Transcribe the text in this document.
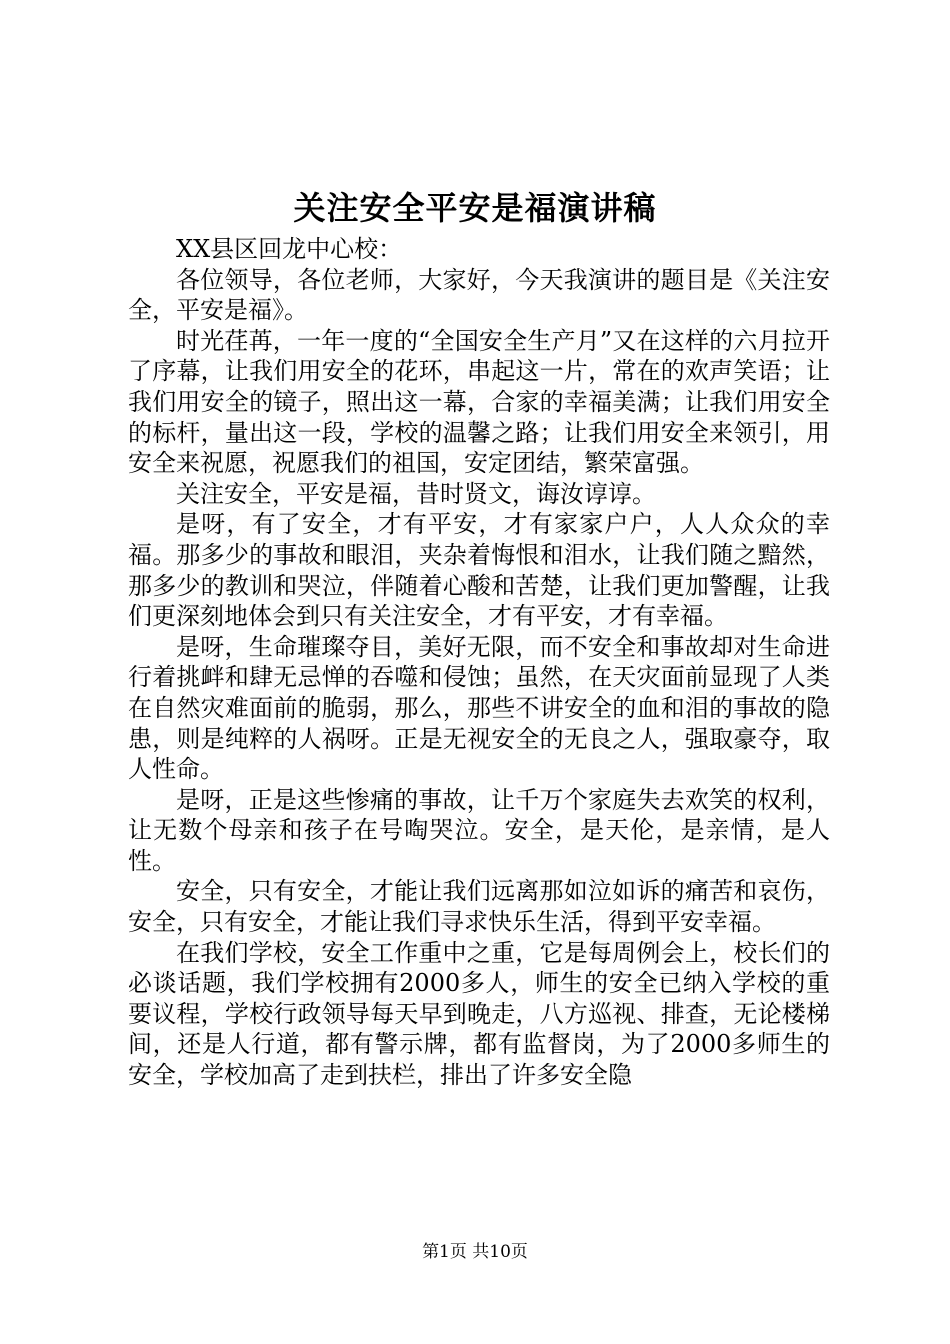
关注安全平安是福演讲稿

XX县区回龙中心校：

各位领导，各位老师，大家好，今天我演讲的题目是《关注安全，平安是福》。

时光荏苒，一年一度的“全国安全生产月”又在这样的六月拉开了序幕，让我们用安全的花环，串起这一片，常在的欢声笑语；让我们用安全的镜子，照出这一幕，合家的幸福美满；让我们用安全的标杆，量出这一段，学校的温馨之路；让我们用安全来领引，用安全来祝愿，祝愿我们的祖国，安定团结，繁荣富强。

关注安全，平安是福，昔时贤文，诲汝谆谆。

是呀，有了安全，才有平安，才有家家户户，人人众众的幸福。那多少的事故和眼泪，夹杂着悔恨和泪水，让我们随之黯然，那多少的教训和哭泣，伴随着心酸和苦楚，让我们更加警醒，让我们更深刻地体会到只有关注安全，才有平安，才有幸福。

是呀，生命璀璨夺目，美好无限，而不安全和事故却对生命进行着挑衅和肆无忌惮的吞噬和侵蚀；虽然，在天灾面前显现了人类在自然灾难面前的脆弱，那么，那些不讲安全的血和泪的事故的隐患，则是纯粹的人祸呀。正是无视安全的无良之人，强取豪夺，取人性命。

是呀，正是这些惨痛的事故，让千万个家庭失去欢笑的权利，让无数个母亲和孩子在号啕哭泣。安全，是天伦，是亲情，是人性。

安全，只有安全，才能让我们远离那如泣如诉的痛苦和哀伤，安全，只有安全，才能让我们寻求快乐生活，得到平安幸福。

在我们学校，安全工作重中之重，它是每周例会上，校长们的必谈话题，我们学校拥有2000多人，师生的安全已纳入学校的重要议程，学校行政领导每天早到晚走，八方巡视、排查，无论楼梯间，还是人行道，都有警示牌，都有监督岗，为了2000多师生的安全，学校加高了走到扶栏，排出了许多安全隐

第1页 共10页
